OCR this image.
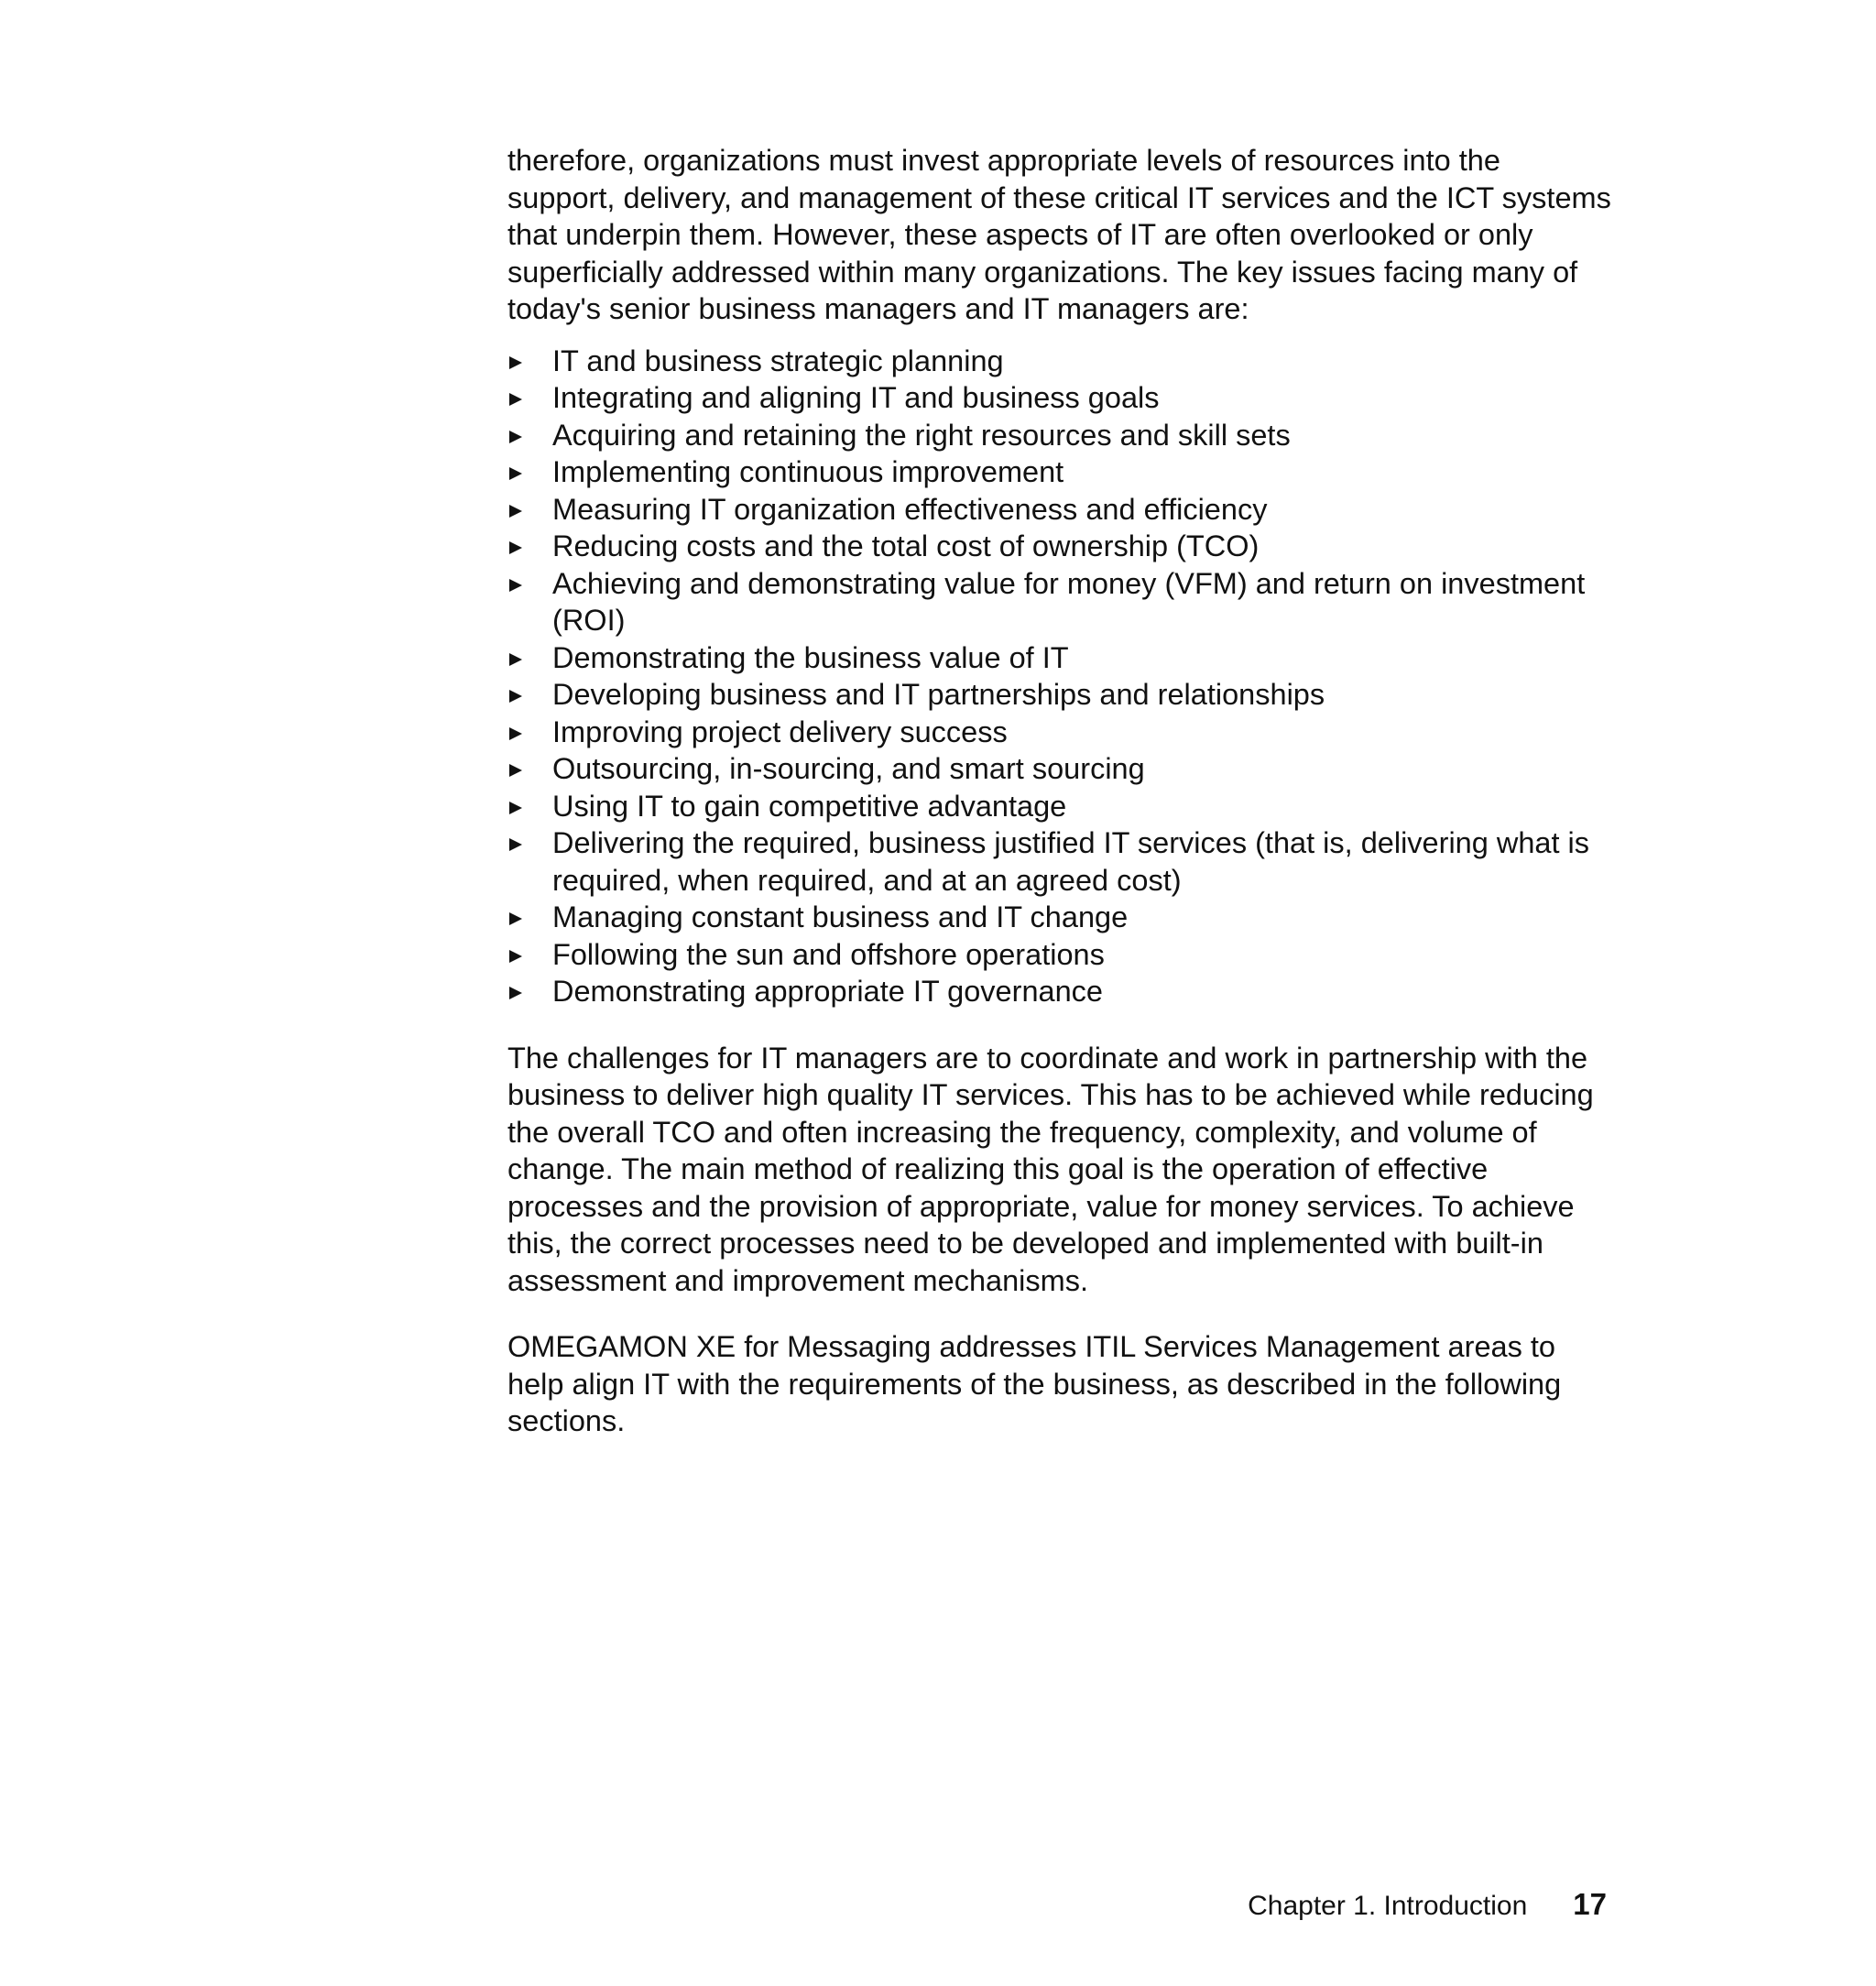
therefore, organizations must invest appropriate levels of resources into the support, delivery, and management of these critical IT services and the ICT systems that underpin them. However, these aspects of IT are often overlooked or only superficially addressed within many organizations. The key issues facing many of today's senior business managers and IT managers are:

IT and business strategic planning
Integrating and aligning IT and business goals
Acquiring and retaining the right resources and skill sets
Implementing continuous improvement
Measuring IT organization effectiveness and efficiency
Reducing costs and the total cost of ownership (TCO)
Achieving and demonstrating value for money (VFM) and return on investment (ROI)
Demonstrating the business value of IT
Developing business and IT partnerships and relationships
Improving project delivery success
Outsourcing, in-sourcing, and smart sourcing
Using IT to gain competitive advantage
Delivering the required, business justified IT services (that is, delivering what is required, when required, and at an agreed cost)
Managing constant business and IT change
Following the sun and offshore operations
Demonstrating appropriate IT governance

The challenges for IT managers are to coordinate and work in partnership with the business to deliver high quality IT services. This has to be achieved while reducing the overall TCO and often increasing the frequency, complexity, and volume of change. The main method of realizing this goal is the operation of effective processes and the provision of appropriate, value for money services. To achieve this, the correct processes need to be developed and implemented with built-in assessment and improvement mechanisms.

OMEGAMON XE for Messaging addresses ITIL Services Management areas to help align IT with the requirements of the business, as described in the following sections.

Chapter 1. Introduction 17
